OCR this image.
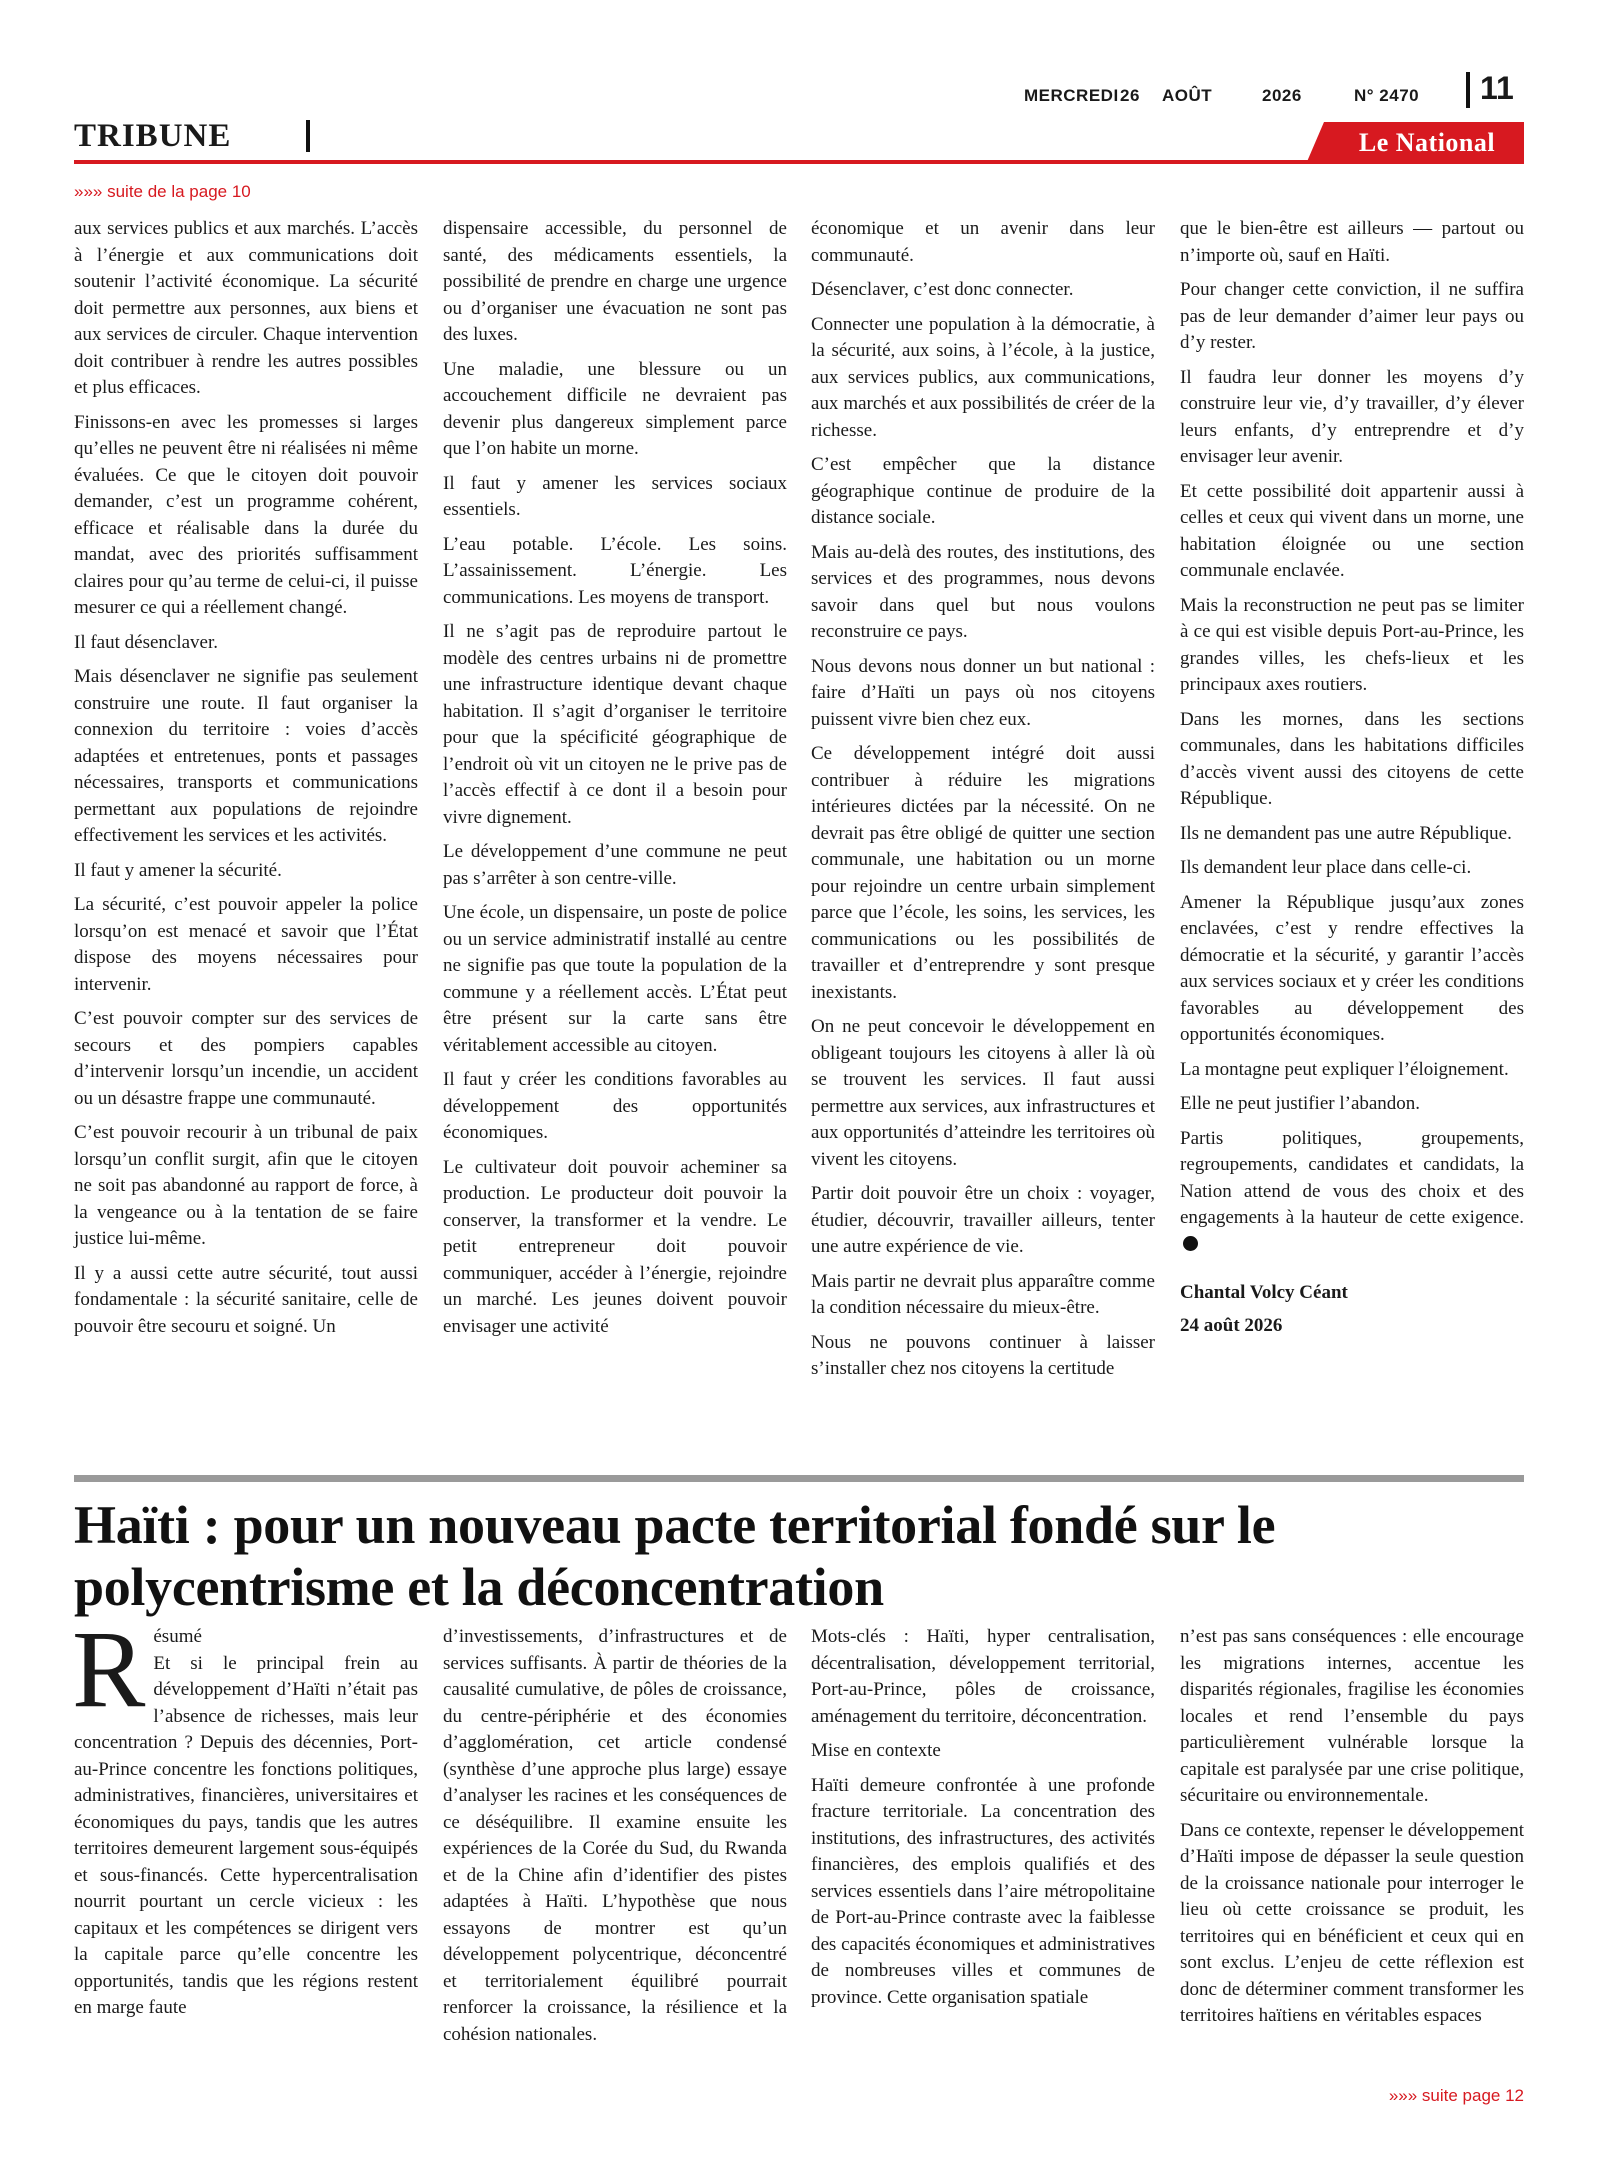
MERCREDI 26 AOÛT	2026	N° 2470 11
TRIBUNE	Le National
»»» suite de la page 10

aux services publics et aux marchés. L’accès à l’énergie et aux communications doit soutenir l’activité économique. La sécurité doit permettre aux personnes, aux biens et aux services de circuler. Chaque intervention doit contribuer à rendre les autres possibles et plus efficaces.

Finissons-en avec les promesses si larges qu’elles ne peuvent être ni réalisées ni même évaluées. Ce que le citoyen doit pouvoir demander, c’est un programme cohérent, efficace et réalisable dans la durée du mandat, avec des priorités suffisamment claires pour qu’au terme de celui-ci, il puisse mesurer ce qui a réellement changé.

Il faut désenclaver.

Mais désenclaver ne signifie pas seulement construire une route. Il faut organiser la connexion du territoire : voies d’accès adaptées et entretenues, ponts et passages nécessaires, transports et communications permettant aux populations de rejoindre effectivement les services et les activités.

Il faut y amener la sécurité.

La sécurité, c’est pouvoir appeler la police lorsqu’on est menacé et savoir que l’État dispose des moyens nécessaires pour intervenir.

C’est pouvoir compter sur des services de secours et des pompiers capables d’intervenir lorsqu’un incendie, un accident ou un désastre frappe une communauté.

C’est pouvoir recourir à un tribunal de paix lorsqu’un conflit surgit, afin que le citoyen ne soit pas abandonné au rapport de force, à la vengeance ou à la tentation de se faire justice lui-même.

Il y a aussi cette autre sécurité, tout aussi fondamentale : la sécurité sanitaire, celle de pouvoir être secouru et soigné. Un

dispensaire accessible, du personnel de santé, des médicaments essentiels, la possibilité de prendre en charge une urgence ou d’organiser une évacuation ne sont pas des luxes.

Une maladie, une blessure ou un accouchement difficile ne devraient pas devenir plus dangereux simplement parce que l’on habite un morne.

Il faut y amener les services sociaux essentiels.

L’eau potable. L’école. Les soins. L’assainissement. L’énergie. Les communications. Les moyens de transport.

Il ne s’agit pas de reproduire partout le modèle des centres urbains ni de promettre une infrastructure identique devant chaque habitation. Il s’agit d’organiser le territoire pour que la spécificité géographique de l’endroit où vit un citoyen ne le prive pas de l’accès effectif à ce dont il a besoin pour vivre dignement.

Le développement d’une commune ne peut pas s’arrêter à son centre-ville.

Une école, un dispensaire, un poste de police ou un service administratif installé au centre ne signifie pas que toute la population de la commune y a réellement accès. L’État peut être présent sur la carte sans être véritablement accessible au citoyen.

Il faut y créer les conditions favorables au développement des opportunités économiques.

Le cultivateur doit pouvoir acheminer sa production. Le producteur doit pouvoir la conserver, la transformer et la vendre. Le petit entrepreneur doit pouvoir communiquer, accéder à l’énergie, rejoindre un marché. Les jeunes doivent pouvoir envisager une activité

économique et un avenir dans leur communauté.

Désenclaver, c’est donc connecter.

Connecter une population à la démocratie, à la sécurité, aux soins, à l’école, à la justice, aux services publics, aux communications, aux marchés et aux possibilités de créer de la richesse.

C’est empêcher que la distance géographique continue de produire de la distance sociale.

Mais au-delà des routes, des institutions, des services et des programmes, nous devons savoir dans quel but nous voulons reconstruire ce pays.

Nous devons nous donner un but national : faire d’Haïti un pays où nos citoyens puissent vivre bien chez eux.

Ce développement intégré doit aussi contribuer à réduire les migrations intérieures dictées par la nécessité. On ne devrait pas être obligé de quitter une section communale, une habitation ou un morne pour rejoindre un centre urbain simplement parce que l’école, les soins, les services, les communications ou les possibilités de travailler et d’entreprendre y sont presque inexistants.

On ne peut concevoir le développement en obligeant toujours les citoyens à aller là où se trouvent les services. Il faut aussi permettre aux services, aux infrastructures et aux opportunités d’atteindre les territoires où vivent les citoyens.

Partir doit pouvoir être un choix : voyager, étudier, découvrir, travailler ailleurs, tenter une autre expérience de vie.

Mais partir ne devrait plus apparaître comme la condition nécessaire du mieux-être.

Nous ne pouvons continuer à laisser s’installer chez nos citoyens la certitude

que le bien-être est ailleurs — partout ou n’importe où, sauf en Haïti.

Pour changer cette conviction, il ne suffira pas de leur demander d’aimer leur pays ou d’y rester.

Il faudra leur donner les moyens d’y construire leur vie, d’y travailler, d’y élever leurs enfants, d’y entreprendre et d’y envisager leur avenir.

Et cette possibilité doit appartenir aussi à celles et ceux qui vivent dans un morne, une habitation éloignée ou une section communale enclavée.

Mais la reconstruction ne peut pas se limiter à ce qui est visible depuis Port-au-Prince, les grandes villes, les chefs-lieux et les principaux axes routiers.

Dans les mornes, dans les sections communales, dans les habitations difficiles d’accès vivent aussi des citoyens de cette République.

Ils ne demandent pas une autre République.

Ils demandent leur place dans celle-ci.

Amener la République jusqu’aux zones enclavées, c’est y rendre effectives la démocratie et la sécurité, y garantir l’accès aux services sociaux et y créer les conditions favorables au développement des opportunités économiques.

La montagne peut expliquer l’éloignement.

Elle ne peut justifier l’abandon.

Partis politiques, groupements, regroupements, candidates et candidats, la Nation attend de vous des choix et des engagements à la hauteur de cette exigence.

Chantal Volcy Céant

24 août 2026

Haïti : pour un nouveau pacte territorial fondé sur le polycentrisme et la déconcentration
R ésumé

Et si le principal frein au développement d’Haïti n’était pas l’absence de richesses, mais leur concentration ? Depuis des décennies, Port-au-Prince concentre les fonctions politiques, administratives, financières, universitaires et économiques du pays, tandis que les autres territoires demeurent largement sous-équipés et sous-financés. Cette hypercentralisation nourrit pourtant un cercle vicieux : les capitaux et les compétences se dirigent vers la capitale parce qu’elle concentre les opportunités, tandis que les régions restent en marge faute

d’investissements, d’infrastructures et de services suffisants. À partir de théories de la causalité cumulative, de pôles de croissance, du centre-périphérie et des économies d’agglomération, cet article condensé (synthèse d’une approche plus large) essaye d’analyser les racines et les conséquences de ce déséquilibre. Il examine ensuite les expériences de la Corée du Sud, du Rwanda et de la Chine afin d’identifier des pistes adaptées à Haïti. L’hypothèse que nous essayons de montrer est qu’un développement polycentrique, déconcentré et territorialement équilibré pourrait renforcer la croissance, la résilience et la cohésion nationales.

Mots-clés : Haïti, hyper centralisation, décentralisation, développement territorial, Port-au-Prince, pôles de croissance, aménagement du territoire, déconcentration.

Mise en contexte

Haïti demeure confrontée à une profonde fracture territoriale. La concentration des institutions, des infrastructures, des activités financières, des emplois qualifiés et des services essentiels dans l’aire métropolitaine de Port-au-Prince contraste avec la faiblesse des capacités économiques et administratives de nombreuses villes et communes de province. Cette organisation spatiale

n’est pas sans conséquences : elle encourage les migrations internes, accentue les disparités régionales, fragilise les économies locales et rend l’ensemble du pays particulièrement vulnérable lorsque la capitale est paralysée par une crise politique, sécuritaire ou environnementale.

Dans ce contexte, repenser le développement d’Haïti impose de dépasser la seule question de la croissance nationale pour interroger le lieu où cette croissance se produit, les territoires qui en bénéficient et ceux qui en sont exclus. L’enjeu de cette réflexion est donc de déterminer comment transformer les territoires haïtiens en véritables espaces

»»» suite page 12
